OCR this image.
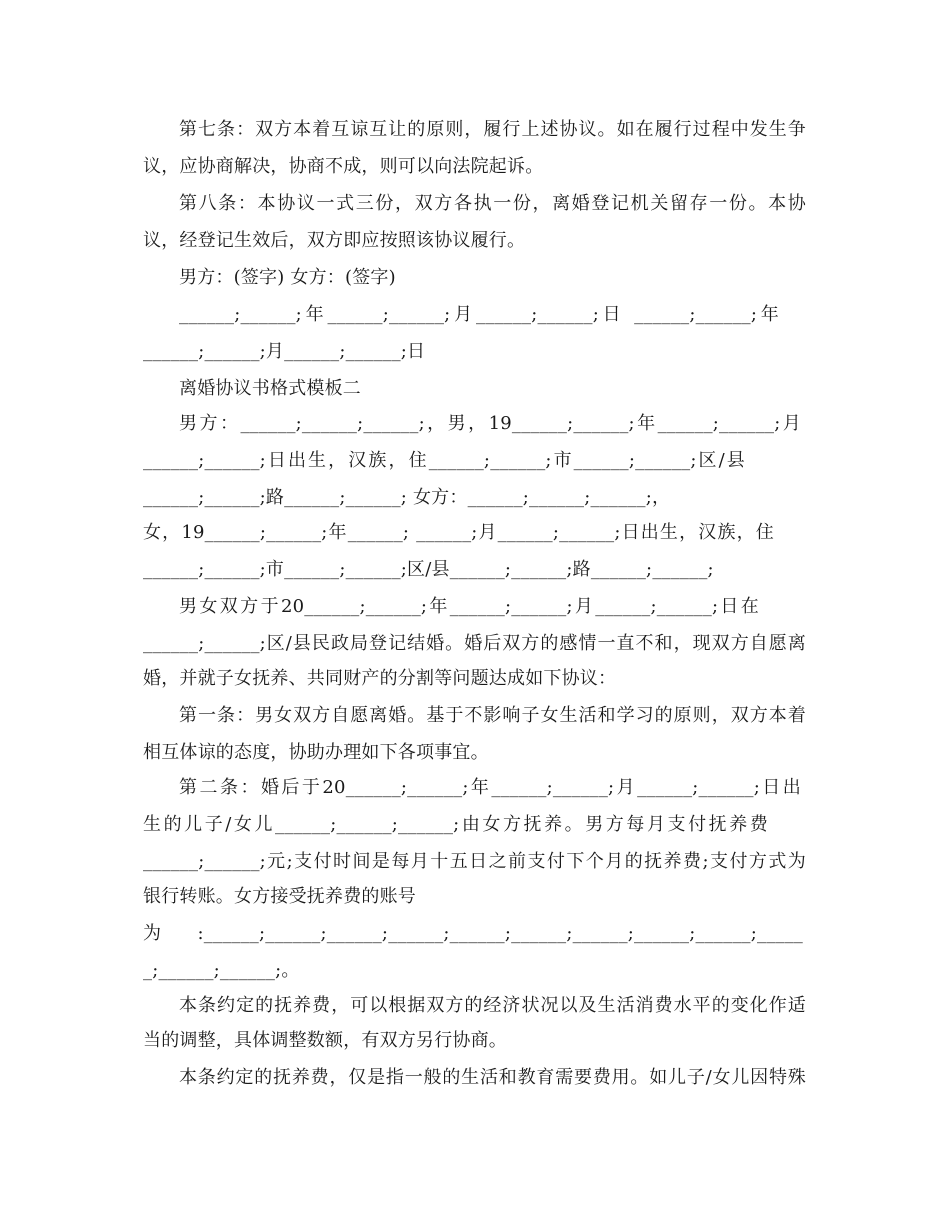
第七条：双方本着互谅互让的原则，履行上述协议。如在履行过程中发生争
议，应协商解决，协商不成，则可以向法院起诉。
第八条：本协议一式三份，双方各执一份，离婚登记机关留存一份。本协
议，经登记生效后，双方即应按照该协议履行。
男方：(签字) 女方：(签字)
______;______;年______;______;月______;______;日 ______;______;年
______;______;月______;______;日
离婚协议书格式模板二
男方：______;______;______;，男，19______;______;年______;______;月
______;______;日出生，汉族，住______;______;市______;______;区/县
______;______;路______;______; 女方：______;______;______;，
女，19______;______;年______; ______;月______;______;日出生，汉族，住
______;______;市______;______;区/县______;______;路______;______;
男女双方于20______;______;年______;______;月______;______;日在
______;______;区/县民政局登记结婚。婚后双方的感情一直不和，现双方自愿离
婚，并就子女抚养、共同财产的分割等问题达成如下协议：
第一条：男女双方自愿离婚。基于不影响子女生活和学习的原则，双方本着
相互体谅的态度，协助办理如下各项事宜。
第二条：婚后于20______;______;年______;______;月______;______;日出
生的儿子/女儿______;______;______;由女方抚养。男方每月支付抚养费
______;______;元;支付时间是每月十五日之前支付下个月的抚养费;支付方式为
银行转账。女方接受抚养费的账号
为:______;______;______;______;______;______;______;______;______;_____
_;______;______;。
本条约定的抚养费，可以根据双方的经济状况以及生活消费水平的变化作适
当的调整，具体调整数额，有双方另行协商。
本条约定的抚养费，仅是指一般的生活和教育需要费用。如儿子/女儿因特殊
